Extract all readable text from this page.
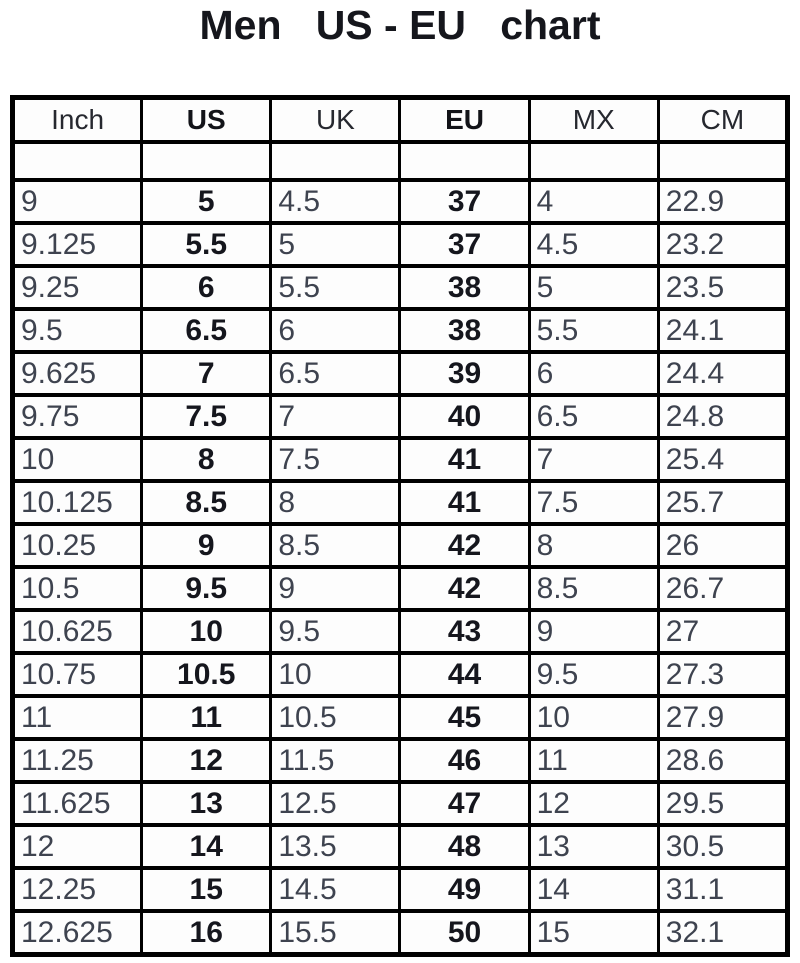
Men   US - EU   chart
Inch	US	UK	EU	MX	CM

9	5	4.5	37	4	22.9
9.125	5.5	5	37	4.5	23.2
9.25	6	5.5	38	5	23.5
9.5	6.5	6	38	5.5	24.1
9.625	7	6.5	39	6	24.4
9.75	7.5	7	40	6.5	24.8
10	8	7.5	41	7	25.4
10.125	8.5	8	41	7.5	25.7
10.25	9	8.5	42	8	26
10.5	9.5	9	42	8.5	26.7
10.625	10	9.5	43	9	27
10.75	10.5	10	44	9.5	27.3
11	11	10.5	45	10	27.9
11.25	12	11.5	46	11	28.6
11.625	13	12.5	47	12	29.5
12	14	13.5	48	13	30.5
12.25	15	14.5	49	14	31.1
12.625	16	15.5	50	15	32.1
